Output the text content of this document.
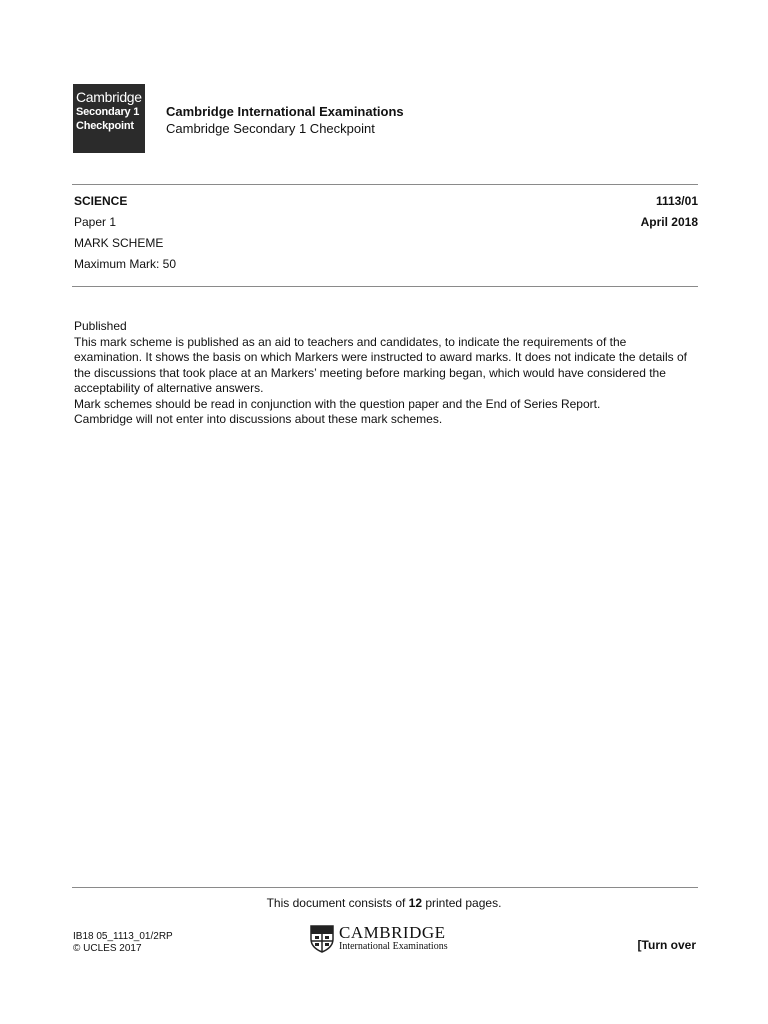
Cambridge
Secondary 1
Checkpoint
Cambridge International Examinations
Cambridge Secondary 1 Checkpoint
SCIENCE
Paper 1
MARK SCHEME
Maximum Mark: 50
1113/01
April 2018

Published

This mark scheme is published as an aid to teachers and candidates, to indicate the requirements of the examination. It shows the basis on which Markers were instructed to award marks. It does not indicate the details of the discussions that took place at an Markers’ meeting before marking began, which would have considered the acceptability of alternative answers.

Mark schemes should be read in conjunction with the question paper and the End of Series Report.

Cambridge will not enter into discussions about these mark schemes.

This document consists of 12 printed pages.
IB18 05_1113_01/2RP
© UCLES 2017
CAMBRIDGE
International Examinations	[Turn over
